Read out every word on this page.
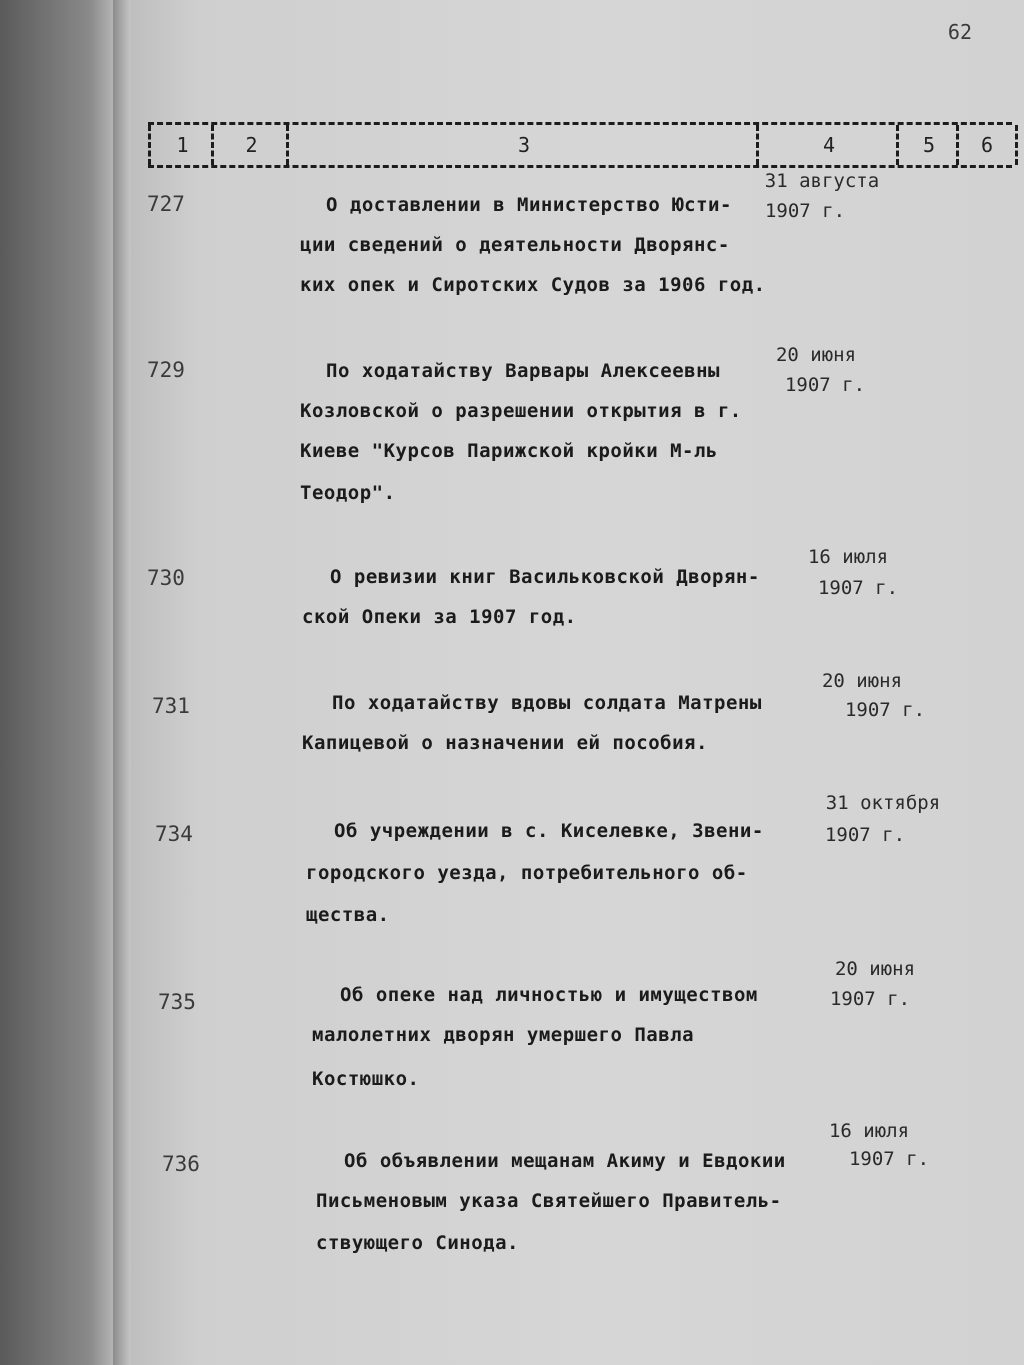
62
1	2	3	4	5	6
727	О доставлении в Министерство Юсти-
ции сведений о деятельности Дворянс-
ких опек и Сиротских Судов за 1906 год.
31 августа
1907 г.
729	По ходатайству Варвары Алексеевны
Козловской о разрешении открытия в г.
Киеве "Курсов Парижской кройки М-ль
Теодор".
20 июня
1907 г.
730	О ревизии книг Васильковской Дворян-
ской Опеки за 1907 год.
16 июля
1907 г.
731	По ходатайству вдовы солдата Матрены
Капицевой о назначении ей пособия.
20 июня
1907 г.
734	Об учреждении в с. Киселевке, Звени-
городского уезда, потребительного об-
щества.
31 октября
1907 г.
735	Об опеке над личностью и имуществом
малолетних дворян умершего Павла
Костюшко.
20 июня
1907 г.
736	Об объявлении мещанам Акиму и Евдокии
Письменовым указа Святейшего Правитель-
ствующего Синода.
16 июля
1907 г.
